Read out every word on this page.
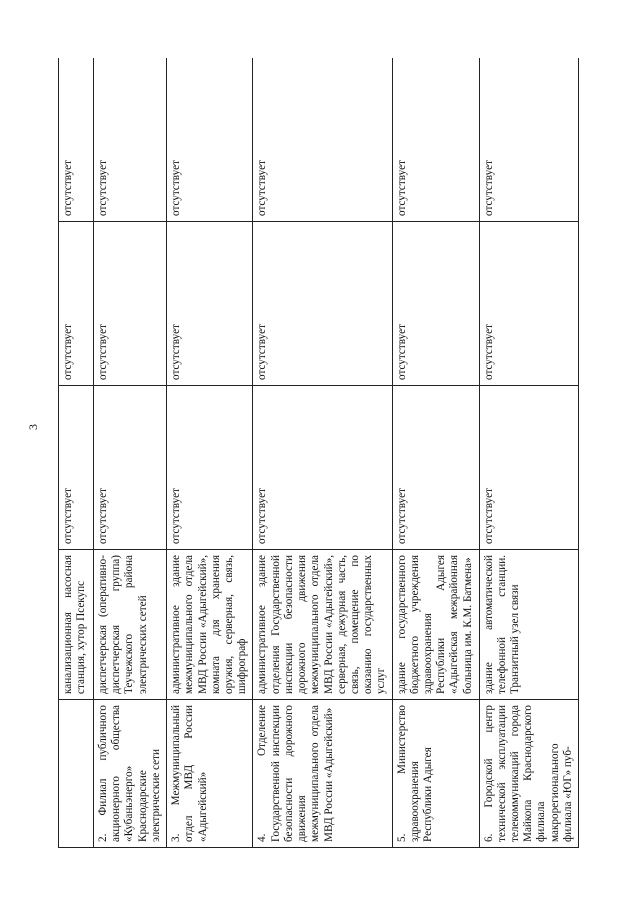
3
	канализационная насосная станция, хутор Псекупс	отсутствует	отсутствует	отсутствует
2. Филиал публичного акционерного общества «Кубаньэнерго» Краснодарские электрические сети	диспетчерская (оперативно-диспетчерская группа) Теучежского района электрических сетей	отсутствует	отсутствует	отсутствует
3. Межмуниципальный отдел МВД России «Адыгейский»	административное здание межмуниципального отдела МВД России «Адыгейский», комната для хранения оружия, серверная, связь, шифрограф	отсутствует	отсутствует	отсутствует
4. Отделение Государственной инспекции безопасности дорожного движения межмуниципального отдела МВД России «Адыгейский»	административное здание отделения Государственной инспекции безопасности дорожного движения межмуниципального отдела МВД России «Адыгейский», серверная, дежурная часть, связь, помещение по оказанию государственных услуг	отсутствует	отсутствует	отсутствует
5. Министерство здравоохранения Республики Адыгея	здание государственного бюджетного учреждения здравоохранения Республики Адыгея «Адыгейская межрайонная больница им. К.М. Батмена»	отсутствует	отсутствует	отсутствует
6. Городской центр технической эксплуатации телекоммуникаций города Майкопа Краснодарского филиала макрорегионального филиала «ЮГ» пуб-	здание автоматической телефонной станции. Транзитный узел связи	отсутствует	отсутствует	отсутствует
